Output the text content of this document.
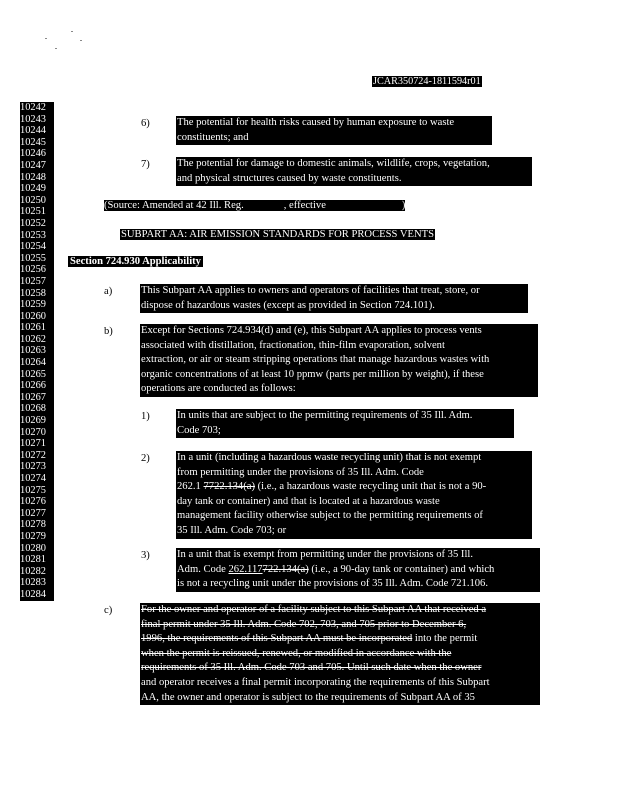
JCAR350724-1811594r01
10242
10243
10244
10245
10246
10247
10248
10249
10250
10251
10252
10253
10254
10255
10256
10257
10258
10259
10260
10261
10262
10263
10264
10265
10266
10267
10268
10269
10270
10271
10272
10273
10274
10275
10276
10277
10278
10279
10280
10281
10282
10283
10284
6)	The potential for health risks caused by human exposure to waste
constituents; and
7)	The potential for damage to domestic animals, wildlife, crops, vegetation,
and physical structures caused by waste constituents.
(Source: Amended at 42 Ill. Reg.	, effective	)
SUBPART AA: AIR EMISSION STANDARDS FOR PROCESS VENTS
Section 724.930 Applicability
a)	This Subpart AA applies to owners and operators of facilities that treat, store, or
dispose of hazardous wastes (except as provided in Section 724.101).
b)	Except for Sections 724.934(d) and (e), this Subpart AA applies to process vents
associated with distillation, fractionation, thin-film evaporation, solvent
extraction, or air or steam stripping operations that manage hazardous wastes with
organic concentrations of at least 10 ppmw (parts per million by weight), if these
operations are conducted as follows:
1)	In units that are subject to the permitting requirements of 35 Ill. Adm.
Code 703;
2)	In a unit (including a hazardous waste recycling unit) that is not exempt
from permitting under the provisions of 35 Ill. Adm. Code
262.1 7722.134(a) (i.e., a hazardous waste recycling unit that is not a 90-
day tank or container) and that is located at a hazardous waste
management facility otherwise subject to the permitting requirements of
35 Ill. Adm. Code 703; or
3)	In a unit that is exempt from permitting under the provisions of 35 Ill.
Adm. Code 262.117722.134(a) (i.e., a 90-day tank or container) and which
is not a recycling unit under the provisions of 35 Ill. Adm. Code 721.106.
c)	For the owner and operator of a facility subject to this Subpart AA that received a
final permit under 35 Ill. Adm. Code 702, 703, and 705 prior to December 6,
1996, the requirements of this Subpart AA must be incorporated into the permit
when the permit is reissued, renewed, or modified in accordance with the
requirements of 35 Ill. Adm. Code 703 and 705. Until such date when the owner
and operator receives a final permit incorporating the requirements of this Subpart
AA, the owner and operator is subject to the requirements of Subpart AA of 35
